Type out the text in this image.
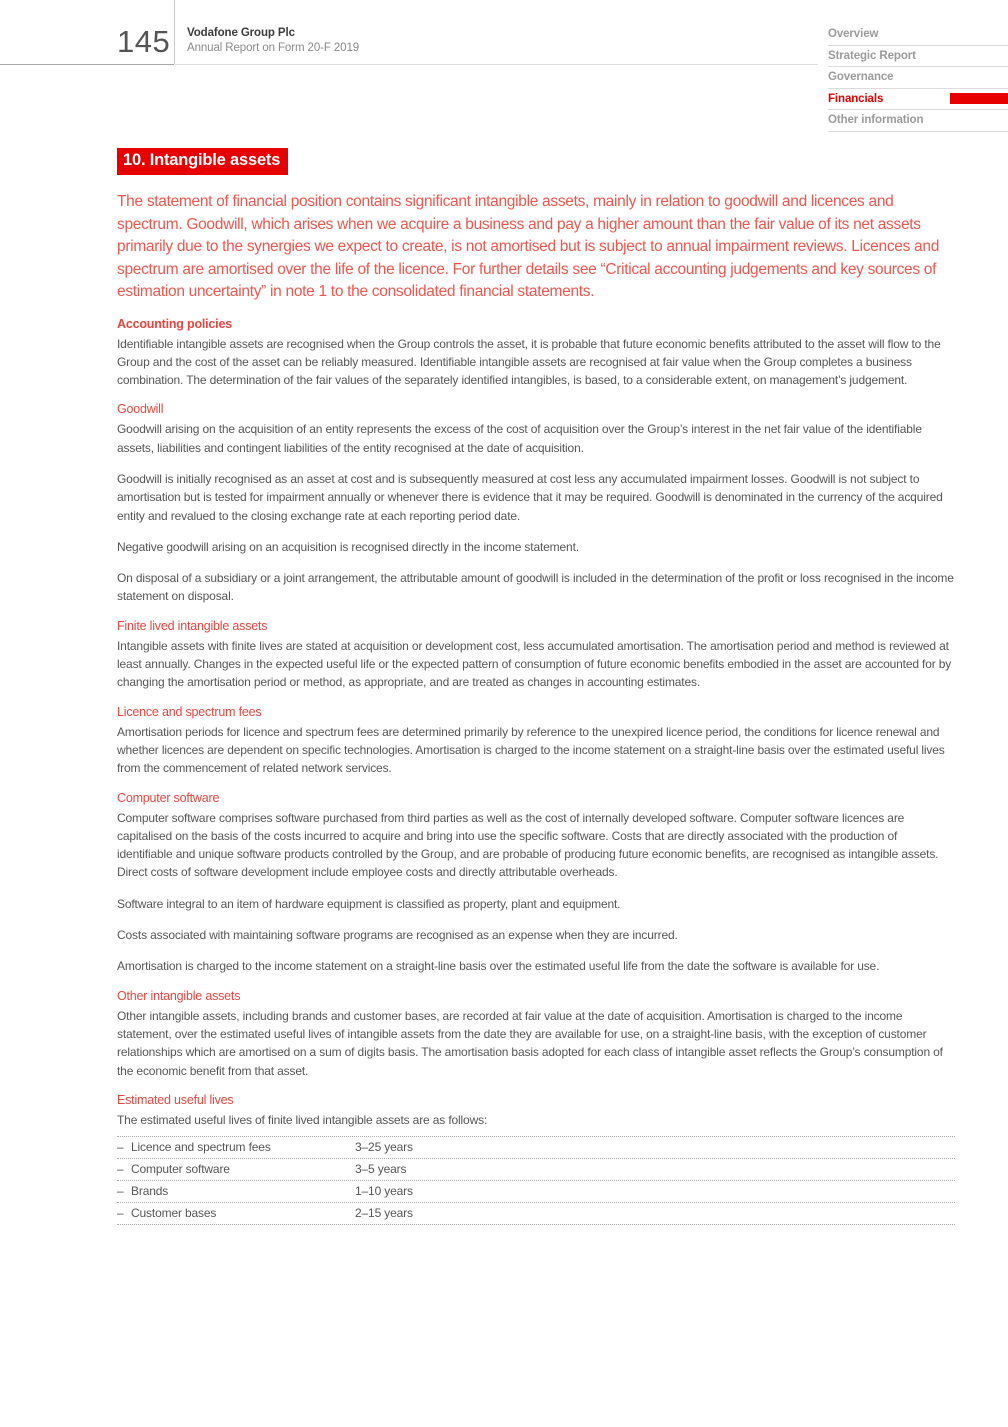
145 Vodafone Group Plc
Annual Report on Form 20-F 2019
Overview
Strategic Report
Governance
Financials
Other information
10. Intangible assets
The statement of financial position contains significant intangible assets, mainly in relation to goodwill and licences and spectrum. Goodwill, which arises when we acquire a business and pay a higher amount than the fair value of its net assets primarily due to the synergies we expect to create, is not amortised but is subject to annual impairment reviews. Licences and spectrum are amortised over the life of the licence. For further details see “Critical accounting judgements and key sources of estimation uncertainty” in note 1 to the consolidated financial statements.
Accounting policies

Identifiable intangible assets are recognised when the Group controls the asset, it is probable that future economic benefits attributed to the asset will flow to the Group and the cost of the asset can be reliably measured. Identifiable intangible assets are recognised at fair value when the Group completes a business combination. The determination of the fair values of the separately identified intangibles, is based, to a considerable extent, on management’s judgement.

Goodwill

Goodwill arising on the acquisition of an entity represents the excess of the cost of acquisition over the Group’s interest in the net fair value of the identifiable assets, liabilities and contingent liabilities of the entity recognised at the date of acquisition.

Goodwill is initially recognised as an asset at cost and is subsequently measured at cost less any accumulated impairment losses. Goodwill is not subject to amortisation but is tested for impairment annually or whenever there is evidence that it may be required. Goodwill is denominated in the currency of the acquired entity and revalued to the closing exchange rate at each reporting period date.

Negative goodwill arising on an acquisition is recognised directly in the income statement.

On disposal of a subsidiary or a joint arrangement, the attributable amount of goodwill is included in the determination of the profit or loss recognised in the income statement on disposal.

Finite lived intangible assets

Intangible assets with finite lives are stated at acquisition or development cost, less accumulated amortisation. The amortisation period and method is reviewed at least annually. Changes in the expected useful life or the expected pattern of consumption of future economic benefits embodied in the asset are accounted for by changing the amortisation period or method, as appropriate, and are treated as changes in accounting estimates.

Licence and spectrum fees

Amortisation periods for licence and spectrum fees are determined primarily by reference to the unexpired licence period, the conditions for licence renewal and whether licences are dependent on specific technologies. Amortisation is charged to the income statement on a straight-line basis over the estimated useful lives from the commencement of related network services.

Computer software

Computer software comprises software purchased from third parties as well as the cost of internally developed software. Computer software licences are capitalised on the basis of the costs incurred to acquire and bring into use the specific software. Costs that are directly associated with the production of identifiable and unique software products controlled by the Group, and are probable of producing future economic benefits, are recognised as intangible assets. Direct costs of software development include employee costs and directly attributable overheads.

Software integral to an item of hardware equipment is classified as property, plant and equipment.

Costs associated with maintaining software programs are recognised as an expense when they are incurred.

Amortisation is charged to the income statement on a straight-line basis over the estimated useful life from the date the software is available for use.

Other intangible assets

Other intangible assets, including brands and customer bases, are recorded at fair value at the date of acquisition. Amortisation is charged to the income statement, over the estimated useful lives of intangible assets from the date they are available for use, on a straight-line basis, with the exception of customer relationships which are amortised on a sum of digits basis. The amortisation basis adopted for each class of intangible asset reflects the Group’s consumption of the economic benefit from that asset.

Estimated useful lives

The estimated useful lives of finite lived intangible assets are as follows:

– Licence and spectrum fees	3–25 years
– Computer software	3–5 years
– Brands	1–10 years
– Customer bases	2–15 years
